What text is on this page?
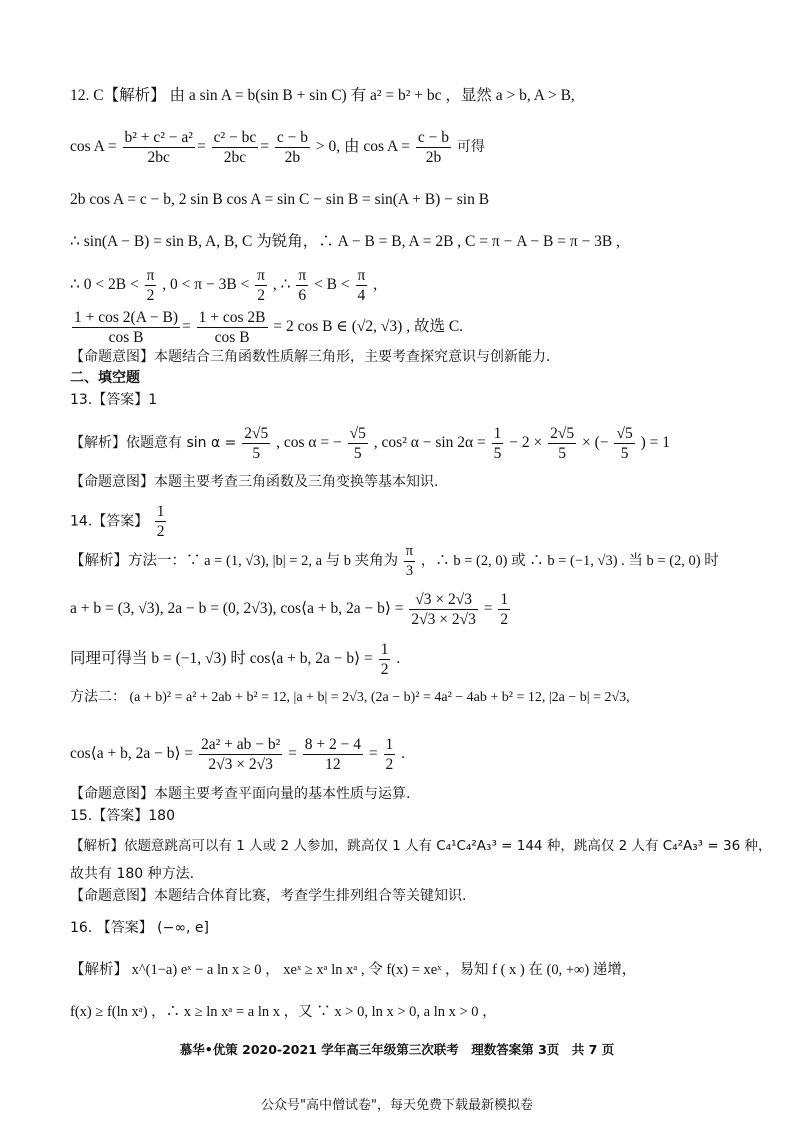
12. C【解析】 由 a sin A = b(sin B + sin C) 有 a² = b² + bc ，显然 a > b, A > B,
$\cos A = \frac{\text{b² + c² − a²}}{2bc} = \frac{\text{c² − bc}}{2bc} = \frac{c - b}{2b} > 0$, 由 $\cos A = \frac{c - b}{2b}$ 可得
2b cos A = c − b, 2 sin B cos A = sin C − sin B = sin(A + B) − sin B
∴ sin(A − B) = sin B, A, B, C 为锐角，∴ A − B = B, A = 2B , C = π − A − B = π − 3B ,
∴ $0 < 2B < \frac{\pi}{2}$ , $0 < \pi - 3B < \frac{\pi}{2}$ , ∴ $\frac{\pi}{6} < B < \frac{\pi}{4}$ ,
$\frac{1 + \cos 2(A - B)}{\text{cos B}} = \frac{1 + \cos 2B}{\text{cos B}} = 2$ cos B ∈ (√2, √3) , 故选 C.
【命题意图】本题结合三角函数性质解三角形，主要考查探究意识与创新能力.
二、填空题
13.【答案】1
【解析】依题意有 $\sin \alpha = \frac{2√5}{5}$ , cos α = − $\frac{√5}{5}$ , cos² $\alpha - \sin 2\alpha = \frac{1}{5} - 2 \times \frac{2√5}{5}$ × (− $\frac{√5}{5}$ ) = 1
【命题意图】本题主要考查三角函数及三角变换等基本知识.
14.【答案】 $\frac{1}{2}$
【解析】方法一：∵ a = (1, √3), |b| = 2, a 与 b 夹角为 $\frac{\pi}{3}$ ，∴ b = (2, 0) 或 ∴ b = (−1, √3) . 当 b = (2, 0) 时
a + b = (3, √3), 2a − b = (0, 2√3), cos⟨a + b, 2a − b⟩ = $\frac{√3 \times 2√3}{2√3 \times 2√3} = \frac{1}{2}$
同理可得当 b = (−1, √3) 时 cos⟨a + b, 2a − b⟩ = $\frac{1}{2}$ .
方法二： (a + b)² = a² + 2ab + b² = 12, |a + b| = 2√3, (2a − b)² = 4a² − 4ab + b² = 12, |2a − b| = 2√3,
cos⟨a + b, 2a − b⟩ = $\frac{\text{2a² + ab − b²}}{2√3 \times 2√3} = \frac{8 + 2 - 4}{12} = \frac{1}{2}$ .
【命题意图】本题主要考查平面向量的基本性质与运算.
15.【答案】180
【解析】依题意跳高可以有 1 人或 2 人参加，跳高仅 1 人有 C₄¹C₄²A₃³ = 144 种，跳高仅 2 人有 C₄²A₃³ = 36 种，
故共有 180 种方法.
【命题意图】本题结合体育比赛，考查学生排列组合等关键知识.
16. 【答案】 (−∞, e]
【解析】 x^(1−a) eˣ − a ln x ≥ 0 ， xeˣ ≥ xᵃ ln xᵃ , 令 f(x) = xeˣ ，易知 f ( x ) 在 (0, +∞) 递增，
f(x) ≥ f(ln xᵃ) ，∴ x ≥ ln xᵃ = a ln x ，又 ∵ x > 0, ln x > 0, a ln x > 0 ，
慕华•优策 2020-2021 学年高三年级第三次联考　理数答案第 3页　共 7 页
公众号"高中僧试卷"，每天免费下载最新模拟卷
